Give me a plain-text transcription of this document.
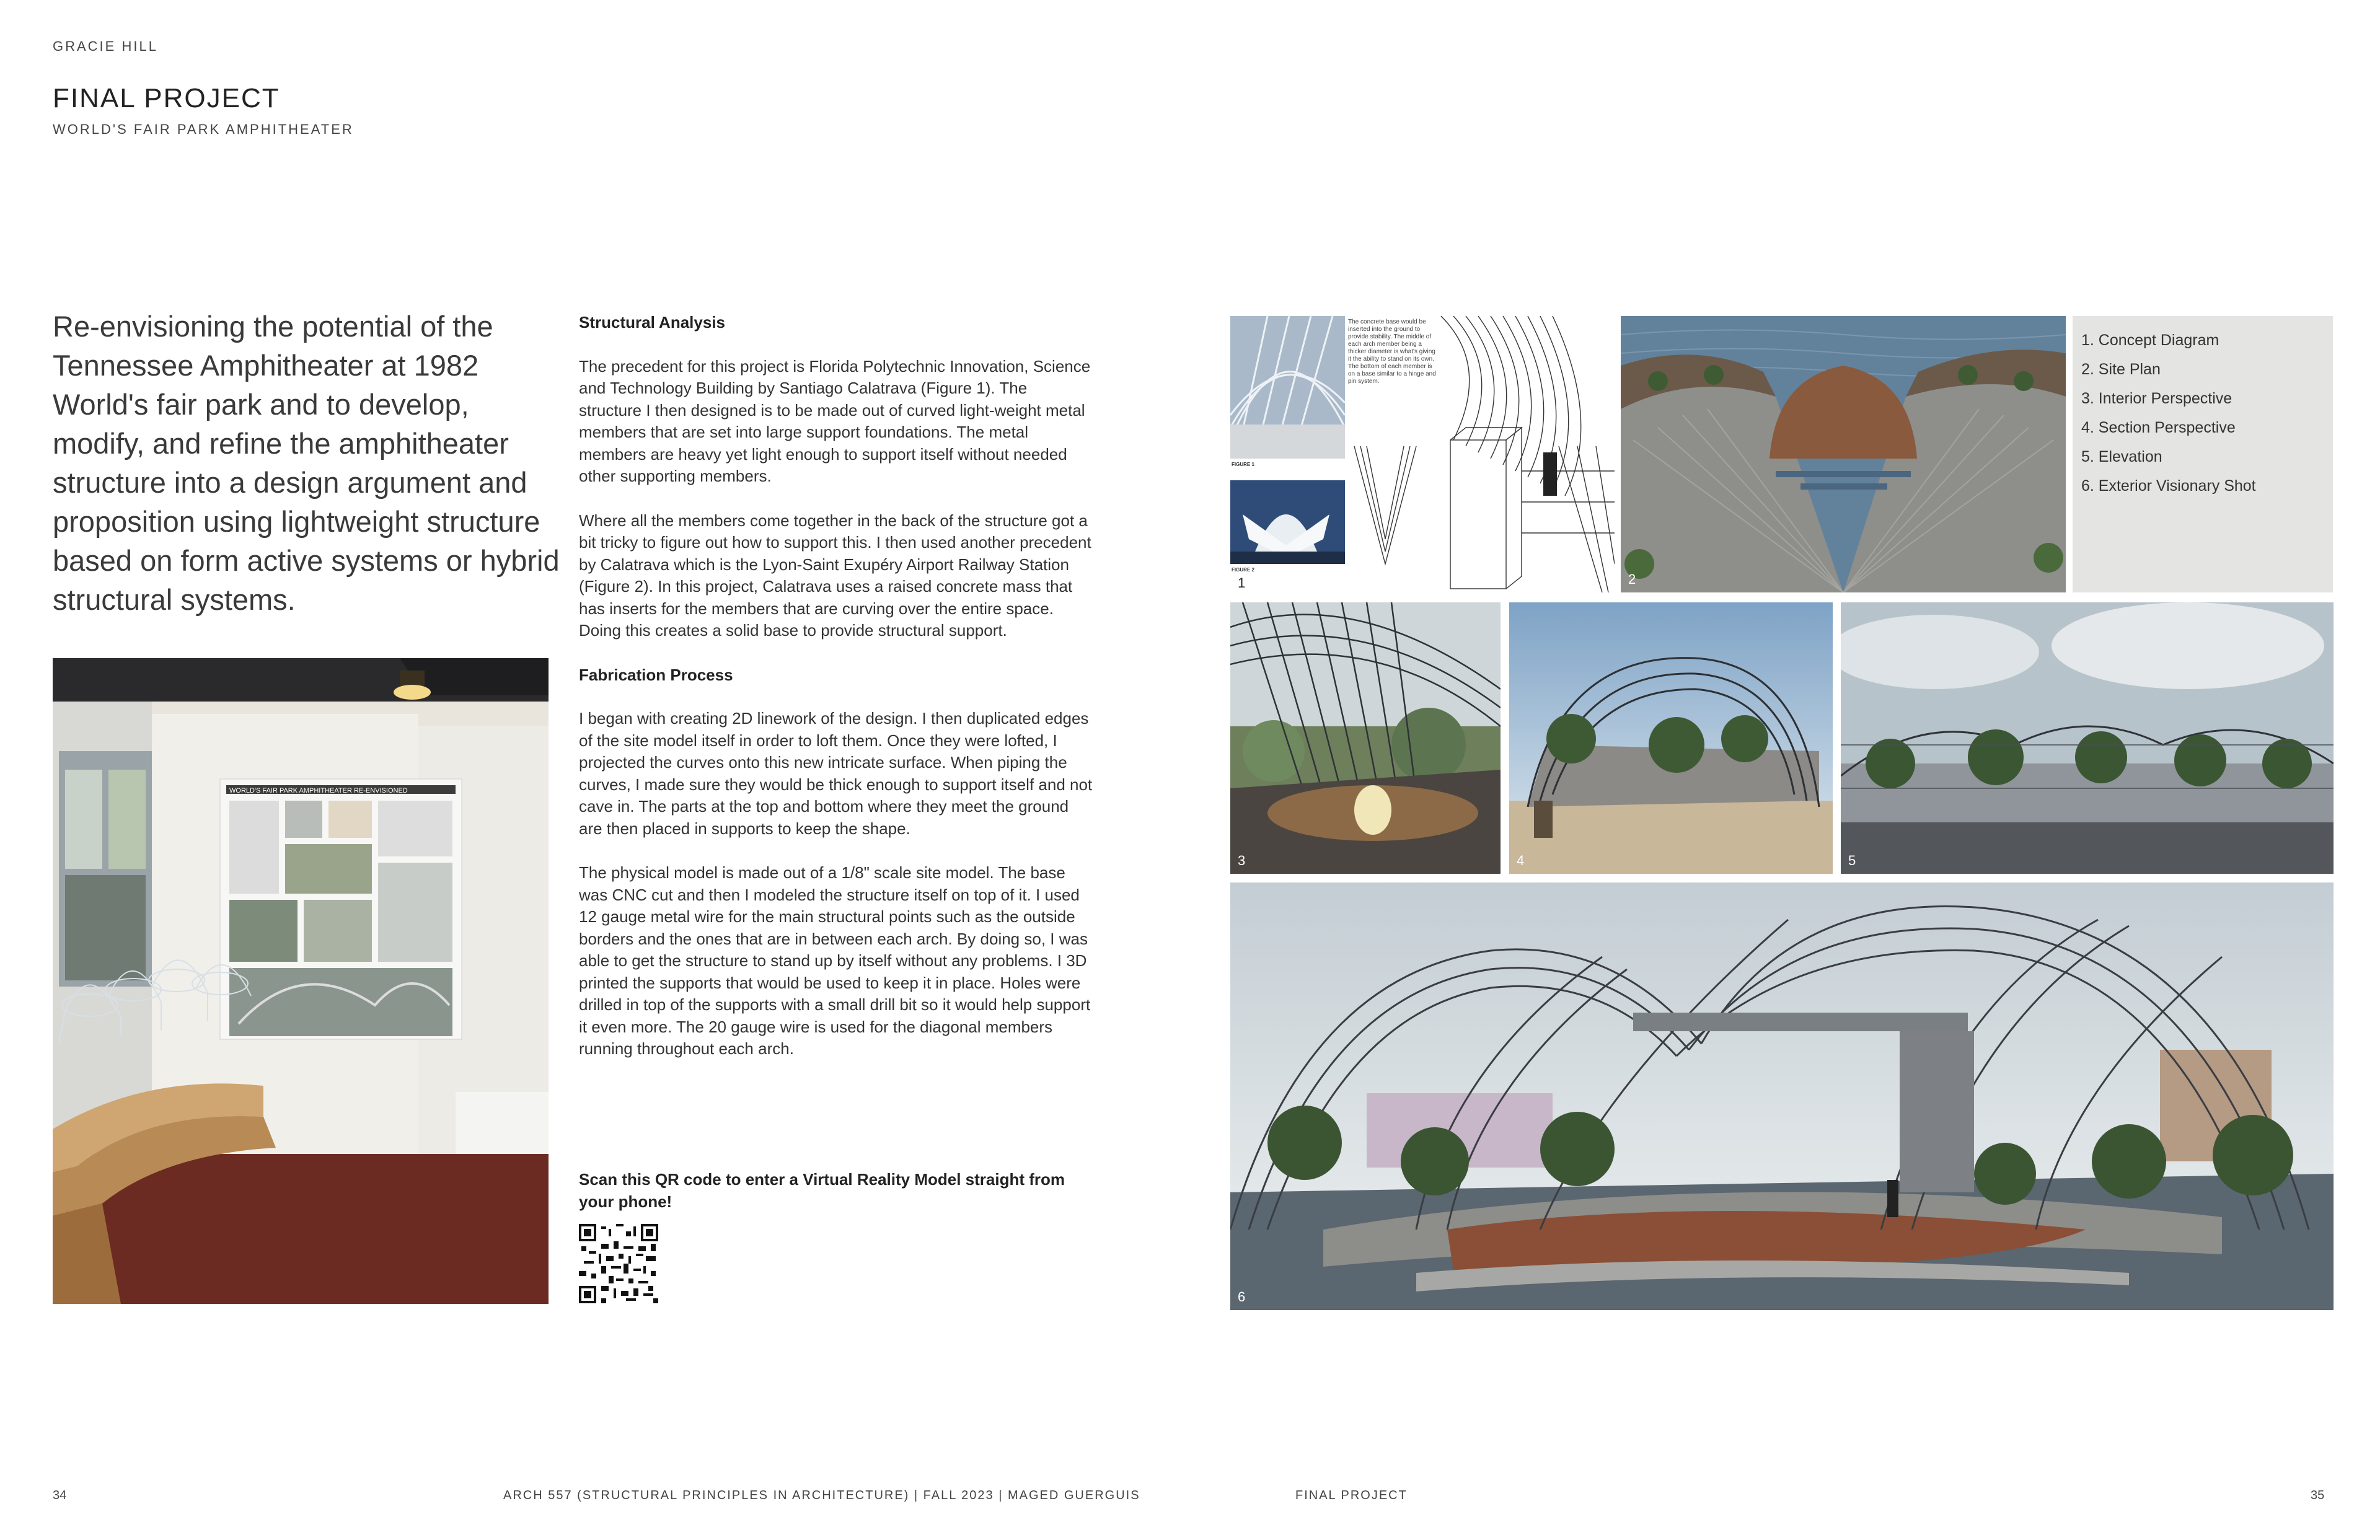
GRACIE HILL
FINAL PROJECT
WORLD'S FAIR PARK AMPHITHEATER
Re-envisioning the potential of the Tennessee Amphitheater at 1982 World's fair park and to develop, modify, and refine the amphitheater structure into a design argument and proposition using lightweight structure based on form active systems or hybrid structural systems.
WORLD'S FAIR PARK AMPHITHEATER RE-ENVISIONED
Structural Analysis

The precedent for this project is Florida Polytechnic Innovation, Science and Technology Building by Santiago Calatrava (Figure 1). The structure I then designed is to be made out of curved light-weight metal members that are set into large support foundations. The metal members are heavy yet light enough to support itself without needed other supporting members.

Where all the members come together in the back of the structure got a bit tricky to figure out how to support this. I then used another precedent by Calatrava which is the Lyon-Saint Exupéry Airport Railway Station (Figure 2). In this project, Calatrava uses a raised concrete mass that has inserts for the members that are curving over the entire space. Doing this creates a solid base to provide structural support.

Fabrication Process

I began with creating 2D linework of the design. I then duplicated edges of the site model itself in order to loft them. Once they were lofted, I projected the curves onto this new intricate surface. When piping the curves, I made sure they would be thick enough to support itself and not cave in. The parts at the top and bottom where they meet the ground are then placed in supports to keep the shape.

The physical model is made out of a 1/8" scale site model. The base was CNC cut and then I modeled the structure itself on top of it. I used 12 gauge metal wire for the main structural points such as the outside borders and the ones that are in between each arch. By doing so, I was able to get the structure to stand up by itself without any problems. I 3D printed the supports that would be used to keep it in place. Holes were drilled in top of the supports with a small drill bit so it would help support it even more. The 20 gauge wire is used for the diagonal members running throughout each arch.

Scan this QR code to enter a Virtual Reality Model straight from your phone!
FIGURE 1
FIGURE 2
The concrete base would be inserted into the ground to provide stability. The middle of each arch member being a thicker diameter is what's giving it the ability to stand on its own. The bottom of each member is on a base similar to a hinge and pin system.
1	2
1. Concept Diagram
2. Site Plan
3. Interior Perspective
4. Section Perspective
5. Elevation
6. Exterior Visionary Shot
3	4	5
6
34	ARCH 557 (STRUCTURAL PRINCIPLES IN ARCHITECTURE) | FALL 2023 | MAGED GUERGUIS	FINAL PROJECT	35
